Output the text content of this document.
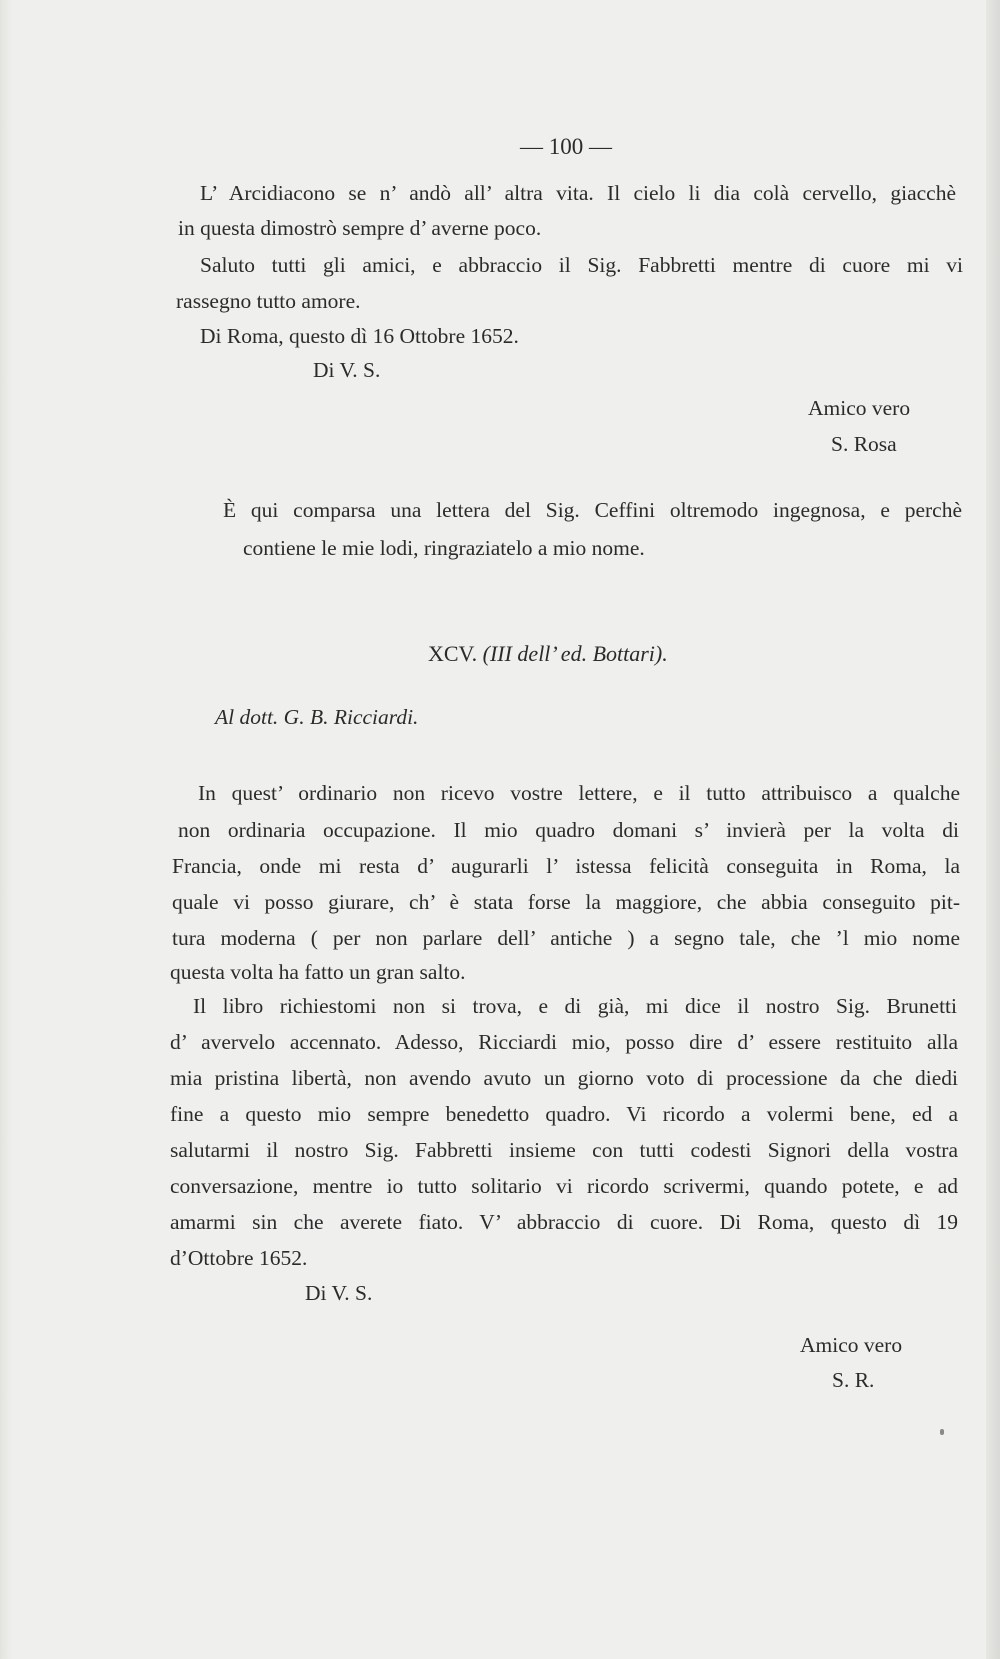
— 100 —
L’ Arcidiacono se n’ andò all’ altra vita. Il cielo li dia colà cervello, giacchè
in questa dimostrò sempre d’ averne poco.
Saluto tutti gli amici, e abbraccio il Sig. Fabbretti mentre di cuore mi vi
rassegno tutto amore.
Di Roma, questo dì 16 Ottobre 1652.
Di V. S.
Amico vero
S. Rosa
È qui comparsa una lettera del Sig. Ceffini oltremodo ingegnosa, e perchè
contiene le mie lodi, ringraziatelo a mio nome.
XCV. (III dell’ ed. Bottari).
Al dott. G. B. Ricciardi.
In quest’ ordinario non ricevo vostre lettere, e il tutto attribuisco a qualche
non ordinaria occupazione. Il mio quadro domani s’ invierà per la volta di
Francia, onde mi resta d’ augurarli l’ istessa felicità conseguita in Roma, la
quale vi posso giurare, ch’ è stata forse la maggiore, che abbia conseguito pit-
tura moderna ( per non parlare dell’ antiche ) a segno tale, che ’l mio nome
questa volta ha fatto un gran salto.
Il libro richiestomi non si trova, e di già, mi dice il nostro Sig. Brunetti
d’ avervelo accennato. Adesso, Ricciardi mio, posso dire d’ essere restituito alla
mia pristina libertà, non avendo avuto un giorno voto di processione da che diedi
fine a questo mio sempre benedetto quadro. Vi ricordo a volermi bene, ed a
salutarmi il nostro Sig. Fabbretti insieme con tutti codesti Signori della vostra
conversazione, mentre io tutto solitario vi ricordo scrivermi, quando potete, e ad
amarmi sin che averete fiato. V’ abbraccio di cuore. Di Roma, questo dì 19
d’Ottobre 1652.
Di V. S.
Amico vero
S. R.
